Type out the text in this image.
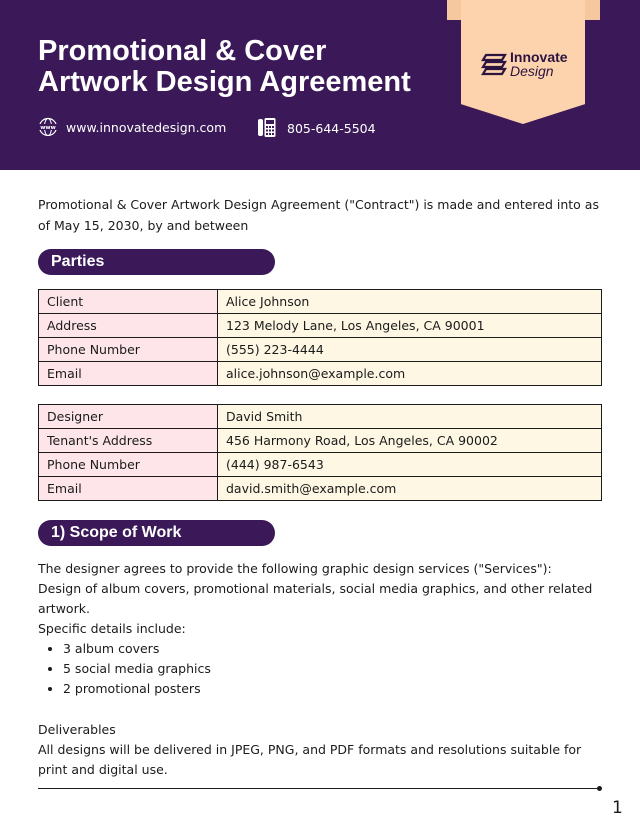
Promotional & Cover
Artwork Design Agreement
www www.innovatedesign.com	805-644-5504
Innovate
Design

Promotional & Cover Artwork Design Agreement ("Contract") is made and entered into as of May 15, 2030, by and between

Parties
Client	Alice Johnson
Address	123 Melody Lane, Los Angeles, CA 90001
Phone Number	(555) 223-4444
Email	alice.johnson@example.com
Designer	David Smith
Tenant's Address	456 Harmony Road, Los Angeles, CA 90002
Phone Number	(444) 987-6543
Email	david.smith@example.com
1) Scope of Work
The designer agrees to provide the following graphic design services ("Services"):
Design of album covers, promotional materials, social media graphics, and other related artwork.
Specific details include:
• 3 album covers
• 5 social media graphics
• 2 promotional posters
Deliverables
All designs will be delivered in JPEG, PNG, and PDF formats and resolutions suitable for print and digital use.
1
